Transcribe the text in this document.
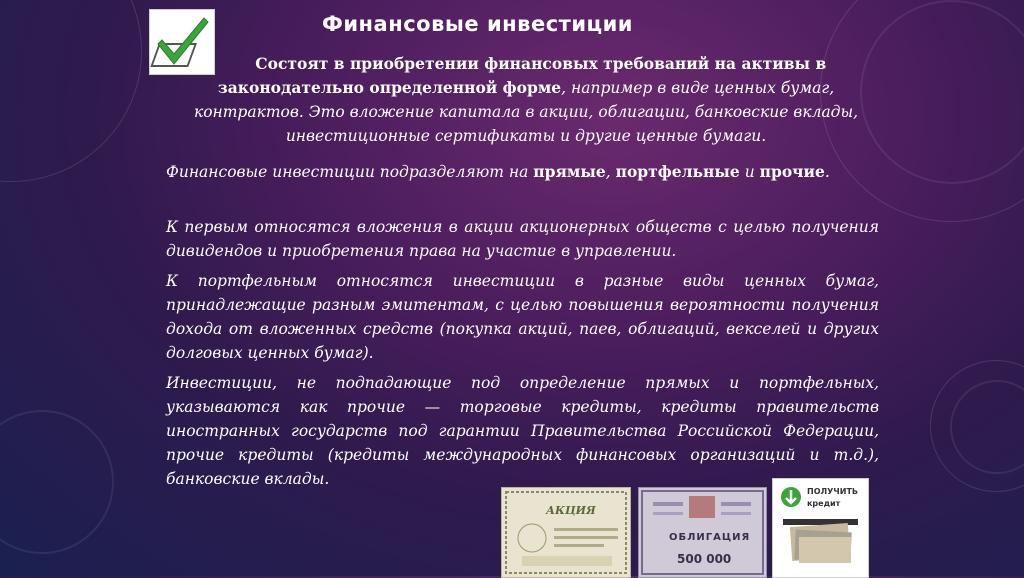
Финансовые инвестиции
Состоят в приобретении финансовых требований на активы в законодательно определенной форме, например в виде ценных бумаг, контрактов. Это вложение капитала в акции, облигации, банковские вклады, инвестиционные сертификаты и другие ценные бумаги.
Финансовые инвестиции подразделяют на прямые, портфельные и прочие.
К первым относятся вложения в акции акционерных обществ с целью получения дивидендов и приобретения права на участие в управлении.
К портфельным относятся инвестиции в разные виды ценных бумаг, принадлежащие разным эмитентам, с целью повышения вероятности получения дохода от вложенных средств (покупка акций, паев, облигаций, векселей и других долговых ценных бумаг).
Инвестиции, не подпадающие под определение прямых и портфельных, указываются как прочие — торговые кредиты, кредиты правительств иностранных государств под гарантии Правительства Российской Федерации, прочие кредиты (кредиты международных финансовых организаций и т.д.), банковские вклады.
АКЦИЯ
ОБЛИГАЦИЯ
500 000
ПОЛУЧИТЬ
кредит
